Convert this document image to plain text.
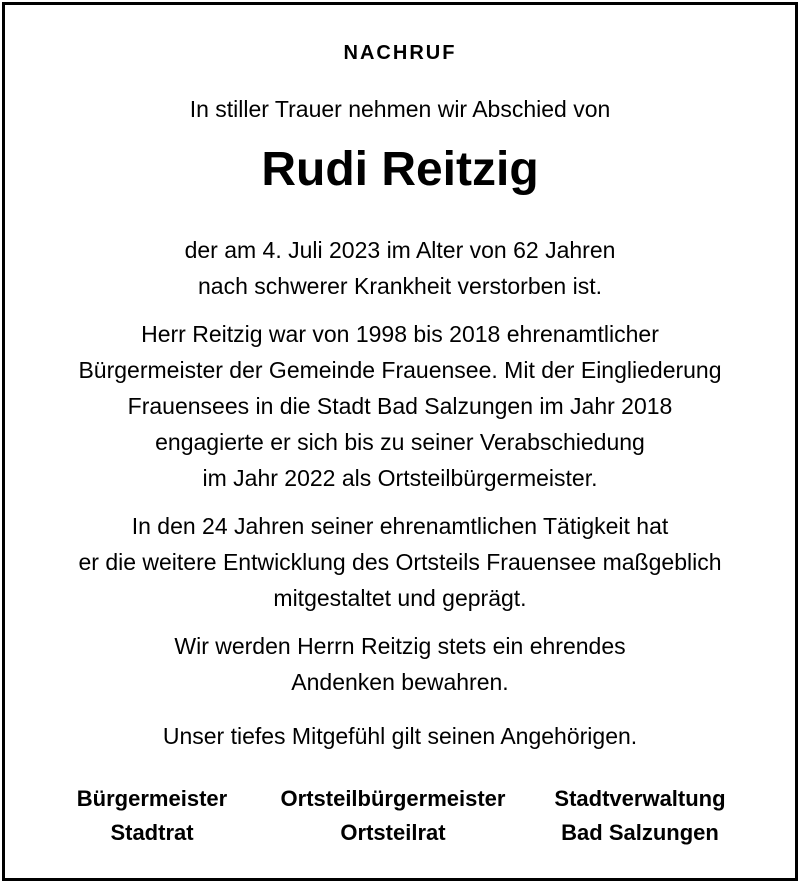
NACHRUF
In stiller Trauer nehmen wir Abschied von
Rudi Reitzig
der am 4. Juli 2023 im Alter von 62 Jahren
nach schwerer Krankheit verstorben ist.
Herr Reitzig war von 1998 bis 2018 ehrenamtlicher
Bürgermeister der Gemeinde Frauensee. Mit der Eingliederung
Frauensees in die Stadt Bad Salzungen im Jahr 2018
engagierte er sich bis zu seiner Verabschiedung
im Jahr 2022 als Ortsteilbürgermeister.
In den 24 Jahren seiner ehrenamtlichen Tätigkeit hat
er die weitere Entwicklung des Ortsteils Frauensee maßgeblich
mitgestaltet und geprägt.
Wir werden Herrn Reitzig stets ein ehrendes
Andenken bewahren.
Unser tiefes Mitgefühl gilt seinen Angehörigen.
Bürgermeister
Stadtrat
Ortsteilbürgermeister
Ortsteilrat
Stadtverwaltung
Bad Salzungen
